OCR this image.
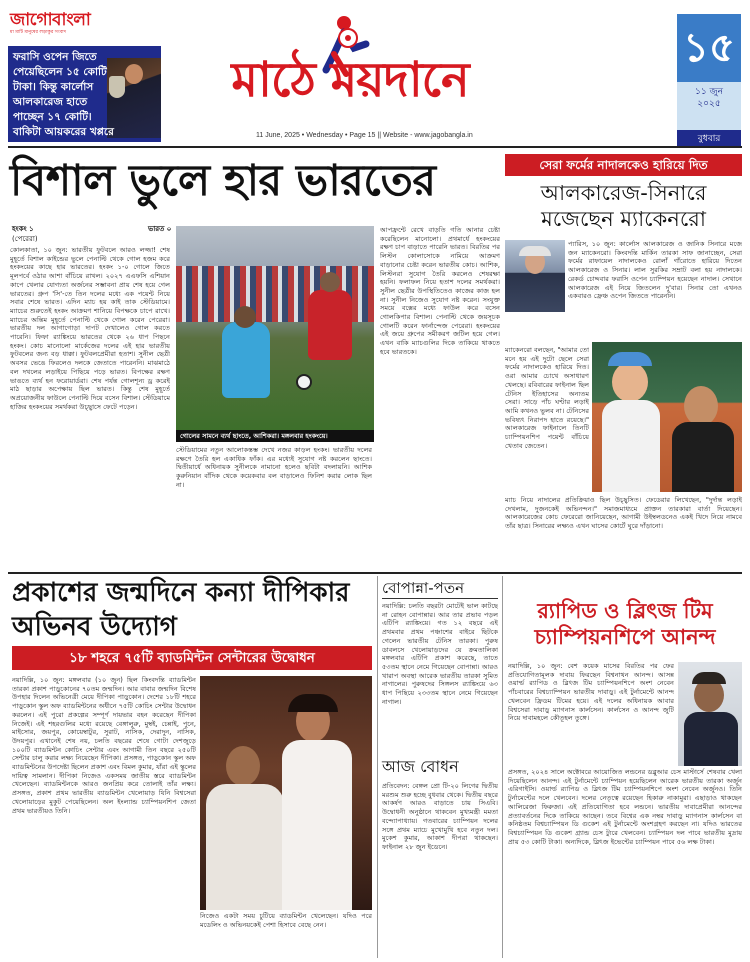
জাগোবাংলা
মা মাটি মানুষের লড়াকুর সংবাদ
ফরাসি ওপেন জিতে পেয়েছিলেন ১৫ কোটি টাকা। কিন্তু কার্লোস আলকারেজ হাতে পাচ্ছেন ১৭ কোটি। বাকিটা আয়করের খপ্পরে
মাঠে ময়দানে
11 June, 2025 • Wednesday • Page 15 || Website - www.jagobangla.in
১৫
১১ জুন
২০২৫
বুধবার
বিশাল ভুলে হার ভারতের
হংকং ১
(পেরেরা)
ভারত ০
কোলকাতা, ১০ জুন: ভারতীয় ফুটবলে আরও লজ্জা! শেষ মুহূর্তে বিশাল কাইন্ডের ভুলে পেনাল্টি থেকে গোল হজম করে হংকংয়ের কাছে হার ভারতের। হংকং ১-০ গোলে জিতে মূলপর্বে ওঠার আশা বাঁচিয়ে রাখল। ২০২৭ এএফসি এশিয়ান কাপে খেলার যোগ্যতা অর্জনের সম্ভাবনা প্রায় শেষ হয়ে গেল ভারতের। গ্রুপ 'সি'-তে তিন দলের মধ্যে এক পয়েন্ট নিয়ে সবার শেষে ভারত। এদিন ম্যাচ হয় কাই তাক স্টেডিয়ামে। ম্যাচের শুরুতেই হংকং আক্রমণ শানিয়ে বিপক্ষকে চাপে রাখে। ম্যাচের অন্তিম মুহূর্তে পেনাল্টি থেকে গোল করেন পেরেরা। ভারতীয় দল আগাগোড়া দাপট দেখালেও গোল করতে পারেনি। ফিফা র‍্যাঙ্কিংয়ে ভারতের থেকে ২৬ ধাপ পিছনে হংকং। কোচ মানোলো মার্কেজের দলের এই হার ভারতীয় ফুটবলের জন্য বড় ধাক্কা। ফুটবলপ্রেমীরা হতাশ। সুনীল ছেত্রী অবসর ভেঙে ফিরলেও দলকে জেতাতে পারেননি। মাঝমাঠে বল দখলের লড়াইয়ে পিছিয়ে পড়ে ভারত। বিপক্ষের রক্ষণ ভাঙতে ব্যর্থ হন ফরোয়ার্ডরা। শেষ পর্যন্ত গোলশূন্য ড্র করেই মাঠ ছাড়ার অপেক্ষায় ছিল ভারত। কিন্তু শেষ মুহূর্তে অপ্রয়োজনীয় ফাউলে পেনাল্টি দিয়ে বসেন বিশাল। স্টেডিয়ামে হাজির হংকংয়ের সমর্থকরা উচ্ছ্বাসে ফেটে পড়েন।
গোলের সামনে ব্যর্থ ছাংতে, আশিকরা। মঙ্গলবার হংকংয়ে।
স্টেডিয়ামের নতুন আলোকস্তম্ভ দেখে নজর কাড়ল হংকং। ভারতীয় দলের রক্ষণে তৈরি হল একাধিক ফাঁক। এর মধ্যেই সুযোগ নষ্ট করলেন ছাংতে। দ্বিতীয়ার্ধে অধিনায়ক সুনীলকে নামানো হলেও ছবিটা বদলায়নি। আশিক কুরুনিয়ান বাঁদিক থেকে কয়েকবার বল বাড়ালেও ফিনিশ করার লোক ছিল না।
আপফ্রন্টে রেখে বাড়তি গতি আনার চেষ্টা করেছিলেন মানোলো। প্রথমার্ধে হংকংয়ের রক্ষণ চাপ বাড়াতে পারেনি ভারত। বিরতির পর লিস্টন কোলাসোকে নামিয়ে আক্রমণ বাড়ানোর চেষ্টা করেন ভারতীয় কোচ। আশিক, লিস্টনরা সুযোগ তৈরি করলেও শেষরক্ষা হয়নি। ফলাফল নিয়ে হতাশ দলের সমর্থকরা। সুনীল ছেত্রীর উপস্থিতিতেও কাজের কাজ হল না। সুনীল নিজেও সুযোগ নষ্ট করেন। সংযুক্ত সময়ে বক্সের মধ্যে ফাউল করে বসেন গোলকিপার বিশাল। পেনাল্টি থেকে জয়সূচক গোলটি করেন ফার্নান্দেজ পেরেরা। হংকংয়ের এই জয়ে গ্রুপের সমীকরণ জটিল হয়ে গেল। এখন বাকি ম্যাচগুলির দিকে তাকিয়ে থাকতে হবে ভারতকে।
সেরা ফর্মের নাদালকেও হারিয়ে দিত
আলকারেজ-সিনারে মজেছেন ম্যাকেনরো
প্যারিস, ১০ জুন: কার্লোস আলকারেজ ও জানিক সিনারে মজে জন ম্যাকেনরো। কিংবদন্তি মার্কিন তারকা সাফ জানাচ্ছেন, সেরা ফর্মের রাফায়েল নাদালকেও রোলাঁ গাঁরোতে হারিয়ে দিতেন আলকারেজ ও সিনার। লাল সুরকির সম্রাট বলা হয় নাদালকে। রেকর্ড চোদ্দবার ফরাসি ওপেন চ্যাম্পিয়ন হয়েছেন নাদাল। সেখানে আলকারেজ এই নিয়ে জিতলেন দু'বার। সিনার তো এখনও একবারও ফ্রেঞ্চ ওপেন জিততে পারেননি।
ম্যাকেনরো বলছেন, "আমার তো মনে হয় এই দুটো ছেলে সেরা ফর্মের নাদালকেও হারিয়ে দিত। ওরা আমার চোখে অসাধারণ খেলছে। রবিবারের ফাইনাল ছিল টেনিস ইতিহাসের অন্যতম সেরা। সাড়ে পাঁচ ঘণ্টার লড়াই আমি কখনও ভুলব না। টেনিসের ভবিষ্যৎ নিরাপদ হাতে রয়েছে।" আলকারেজ ফাইনালে তিনটি চ্যাম্পিয়নশিপ পয়েন্ট বাঁচিয়ে খেতাব জেতেন।
ম্যাচ নিয়ে নাদালের প্রতিক্রিয়াও ছিল উচ্ছ্বসিত। ফেডেরার লিখেছেন, "দুর্দান্ত লড়াই দেখলাম, দুজনকেই অভিনন্দন।" সমাজমাধ্যমে প্রাক্তন তারকারা বার্তা দিয়েছেন। আলকারেজের কোচ ফেরেরো জানিয়েছেন, আগামী উইম্বলডনেও একই খিদে নিয়ে নামবে তাঁর ছাত্র। সিনারের লক্ষ্যও এখন ঘাসের কোর্টে ঘুরে দাঁড়ানো।
প্রকাশের জন্মদিনে কন্যা দীপিকার অভিনব উদ্যোগ
১৮ শহরে ৭৫টি ব্যাডমিন্টন সেন্টারের উদ্বোধন
নয়াদিল্লি, ১০ জুন: মঙ্গলবার (১০ জুন) ছিল কিংবদন্তি ব্যাডমিন্টন তারকা প্রকাশ পাড়ুকোনের ৭০তম জন্মদিন। আর বাবার জন্মদিন বিশেষ উপহার দিলেন অভিনেত্রী মেয়ে দীপিকা পাড়ুকোন। দেশের ১৮টি শহরে পাড়ুকোন স্কুল অফ ব্যাডমিন্টনের অধীনে ৭৫টি কোচিং সেন্টার উদ্বোধন করলেন। এই পুরো প্রকল্পের সম্পূর্ণ দায়ভার বহন করেছেন দীপিকা নিজেই। এই শহরগুলির মধ্যে রয়েছে বেঙ্গালুরু, মুম্বই, চেন্নাই, পুনে, মাইসোর, জয়পুর, কোয়েম্বাটুর, সুরাট, নাসিক, দেরাদুন, নাসিক, উদয়পুর। এখানেই শেষ নয়, চলতি বছরের শেষে গোটা দেশজুড়ে ১০০টি ব্যাডমিন্টন কোচিং সেন্টার এবং আগামী তিন বছরে ২৫০টি সেন্টার চালু করার লক্ষ্য নিয়েছেন দীপিকা। প্রসঙ্গত, পাড়ুকোন স্কুল অফ ব্যাডমিন্টনের উপদেষ্টা ছিলেন প্রকাশ এবং বিমল কুমার, যাঁরা এই স্কুলের দায়িত্ব সামলান। দীপিকা নিজেও একসময় জাতীয় স্তরে ব্যাডমিন্টন খেলেছেন। ব্যাডমিন্টনকে আরও জনপ্রিয় করে তোলাই তাঁর লক্ষ্য। প্রসঙ্গত, প্রকাশ প্রথম ভারতীয় ব্যাডমিন্টন খেলোয়াড় যিনি বিশ্বসেরা খেলোয়াড়ের মুকুট পেয়েছিলেন। অল ইংল্যান্ড চ্যাম্পিয়নশিপ জেতা প্রথম ভারতীয়ও তিনি।
নিজেও একটা সময় চুটিয়ে ব্যাডমিন্টন খেলেছেন। যদিও পরে মডেলিং ও অভিনয়কেই পেশা হিসাবে বেছে নেন।
বোপান্না-পতন
নয়াদিল্লি: চলতি বছরটা মোটেই ভাল কাটছে না রোহন বোপান্নার। আর তার প্রভাব পড়ল এটিপি র‍্যাঙ্কিংয়ে। গত ১২ বছরে এই প্রথমবার প্রথম পঞ্চাশের বাইরে ছিটকে গেলেন ভারতীয় টেনিস তারকা। পুরুষ ডাবলসে খেলোয়াড়দের যে ক্রমতালিকা মঙ্গলবার এটিপি প্রকাশ করেছে, তাতে ৫৩তম স্থানে নেমে গিয়েছেন বোপান্না। আরও খারাপ অবস্থা আরেক ভারতীয় তারকা সুমিত নাগালের। পুরুষদের সিঙ্গলস র‍্যাঙ্কিংয়ে ৬৩ ধাপ পিছিয়ে ২৩৩তম স্থানে নেমে গিয়েছেন নাগাল।
আজ বোধন
প্রতিবেদন: বেঙ্গল প্রো টি-২০ লিগের দ্বিতীয় মরশুম শুরু হচ্ছে বুধবার থেকে। দ্বিতীয় বছরে আকর্ষণ আরও বাড়াতে চায় সিএবি। উদ্বোধনী অনুষ্ঠানে থাকবেন মুখ্যমন্ত্রী মমতা বন্দ্যোপাধ্যায়। গতবারের চ্যাম্পিয়ন দলের সঙ্গে প্রথম ম্যাচে মুখোমুখি হবে নতুন দল। মুকেশ কুমার, আকাশ দীপরা থাকছেন। ফাইনাল ২৮ জুন ইডেনে।
র‍্যাপিড ও ব্লিৎজ টিম চ্যাম্পিয়নশিপে আনন্দ
নয়াদিল্লি, ১০ জুন: বেশ কয়েক মাসের বিরতির পর ফের প্রতিযোগিতামূলক দাবায় ফিরছেন বিশ্বনাথন আনন্দ। আসন্ন ওয়ার্ল্ড র‍্যাপিড ও ব্লিৎজ টিম চ্যাম্পিয়নশিপে অংশ নেবেন পাঁচবারের বিশ্বচ্যাম্পিয়ন ভারতীয় দাবাড়ু। এই টুর্নামেন্টে আনন্দ খেলবেন ফ্রিডম টিমের হয়ে। এই দলের অধিনায়ক আবার বিশ্বসেরা দাবাড়ু ম্যাগনাস কার্লসেন। কার্লসেন ও আনন্দ জুটি নিয়ে দাবামহলে কৌতূহল তুঙ্গে।
প্রসঙ্গত, ২০২৪ সালে অক্টোবরে আয়োজিত লন্ডনের ডব্লুআর চেস মাস্টার্সে শেষবার খেলা দিয়েছিলেন আনন্দ। এই টুর্নামেন্টে চ্যাম্পিয়ন হয়েছিলেন আরেক ভারতীয় তারকা অর্জুন এরিগাইসি। ওয়ার্ল্ড র‍্যাপিড ও ব্লিৎজ টিম চ্যাম্পিয়নশিপে অংশ নেবেন অর্জুনও। তিনি টুর্নামেন্টের দলে খেলবেন। দলের নেতৃত্বে রয়েছেন হিকারু নাকামুরা। এছাড়াও থাকছেন আলিরেজা ফিরুজা। এই প্রতিযোগিতা হবে লন্ডনে। ভারতীয় দাবাপ্রেমীরা আনন্দের প্রত্যাবর্তনের দিকে তাকিয়ে আছেন। তবে বিশ্বের এক নম্বর দাবাড়ু ম্যাগনাস কার্লসেন বা কনিষ্ঠতম বিশ্বচ্যাম্পিয়ন ডি গুকেশ এই টুর্নামেন্টে অংশগ্রহণ করছেন না। যদিও ভারতের বিশ্বচ্যাম্পিয়ন ডি গুকেশ গ্র্যান্ড চেস ট্যুরে খেলবেন। চ্যাম্পিয়ন দল পাবে ভারতীয় মুদ্রায় প্রায় ৫৩ কোটি টাকা। অন্যদিকে, ব্লিৎজ ইভেন্টের চ্যাম্পিয়ন পাবে ৫৬ লক্ষ টাকা।
